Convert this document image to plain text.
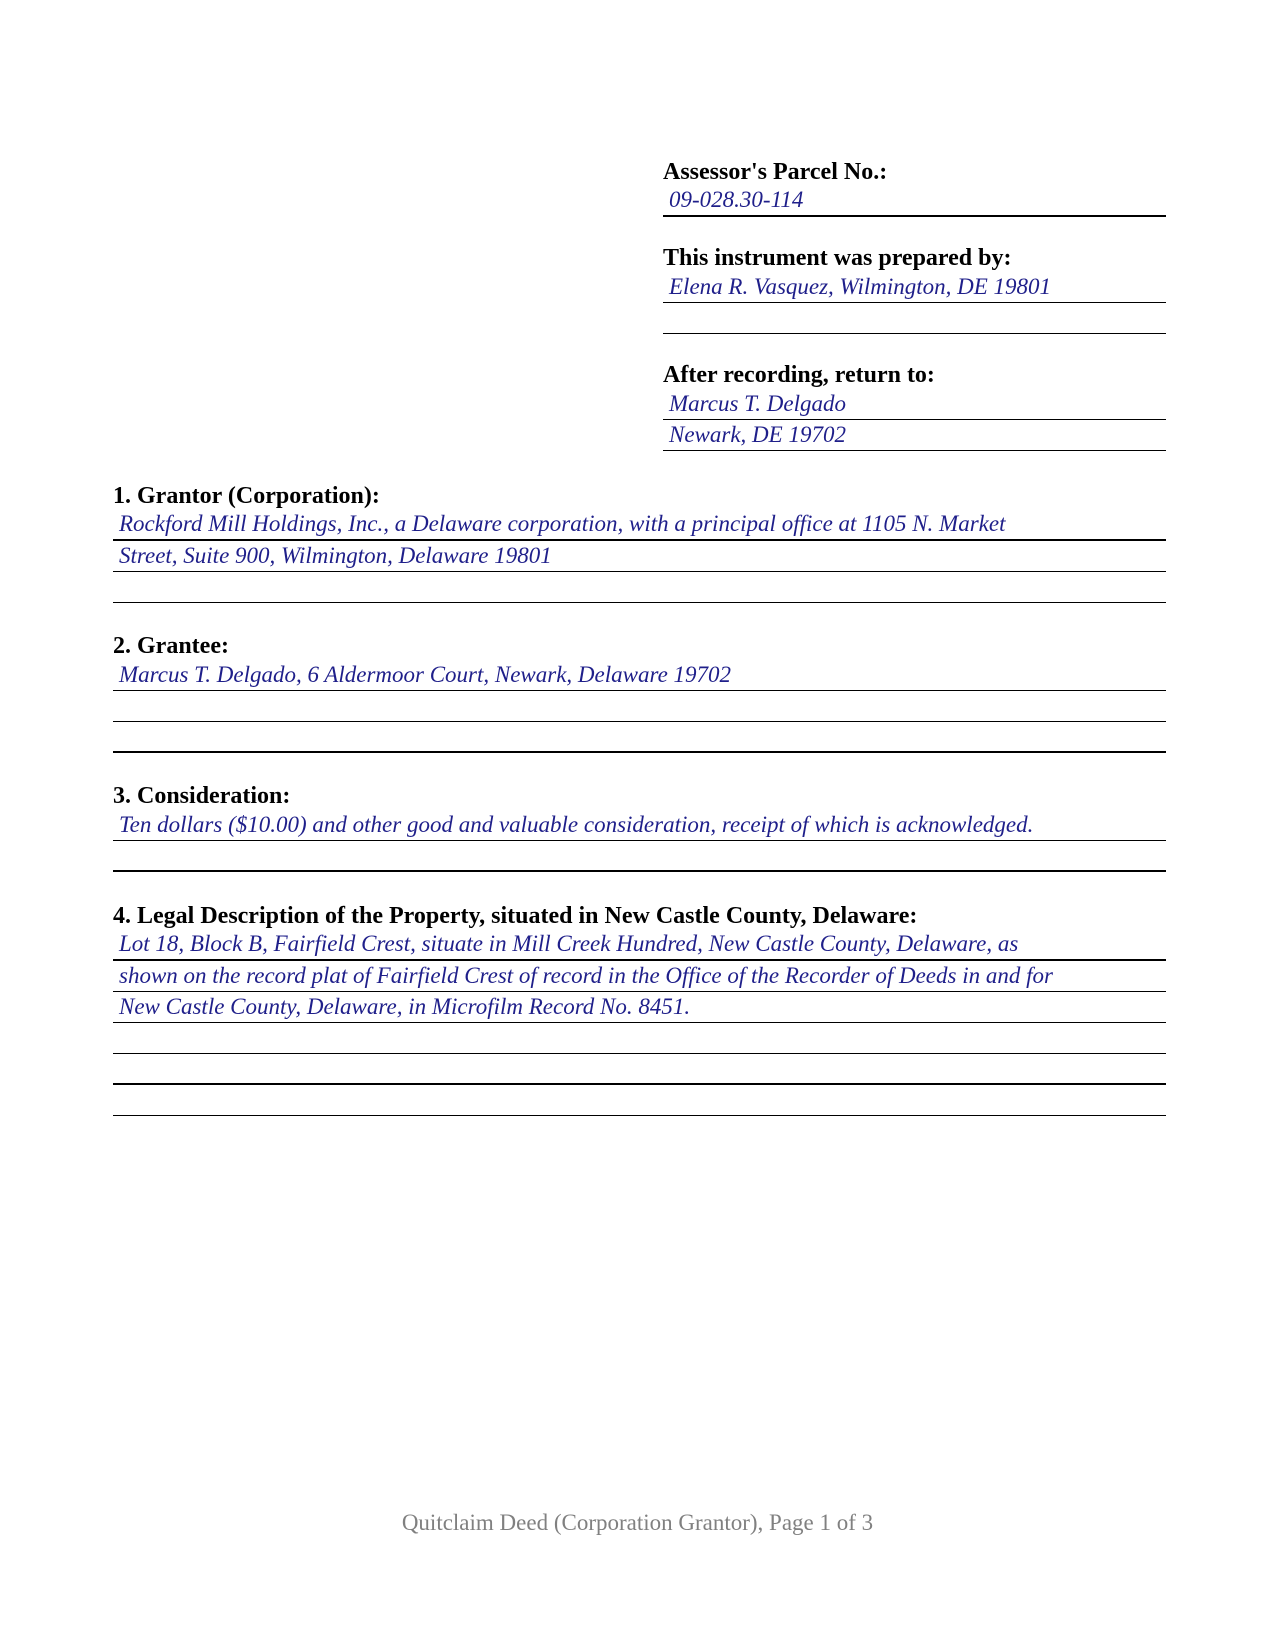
Assessor's Parcel No.:
09-028.30-114
This instrument was prepared by:
Elena R. Vasquez, Wilmington, DE 19801
After recording, return to:
Marcus T. Delgado
Newark, DE 19702
1. Grantor (Corporation):
Rockford Mill Holdings, Inc., a Delaware corporation, with a principal office at 1105 N. Market
Street, Suite 900, Wilmington, Delaware 19801
2. Grantee:
Marcus T. Delgado, 6 Aldermoor Court, Newark, Delaware 19702
3. Consideration:
Ten dollars ($10.00) and other good and valuable consideration, receipt of which is acknowledged.
4. Legal Description of the Property, situated in New Castle County, Delaware:
Lot 18, Block B, Fairfield Crest, situate in Mill Creek Hundred, New Castle County, Delaware, as
shown on the record plat of Fairfield Crest of record in the Office of the Recorder of Deeds in and for
New Castle County, Delaware, in Microfilm Record No. 8451.
Quitclaim Deed (Corporation Grantor), Page 1 of 3
